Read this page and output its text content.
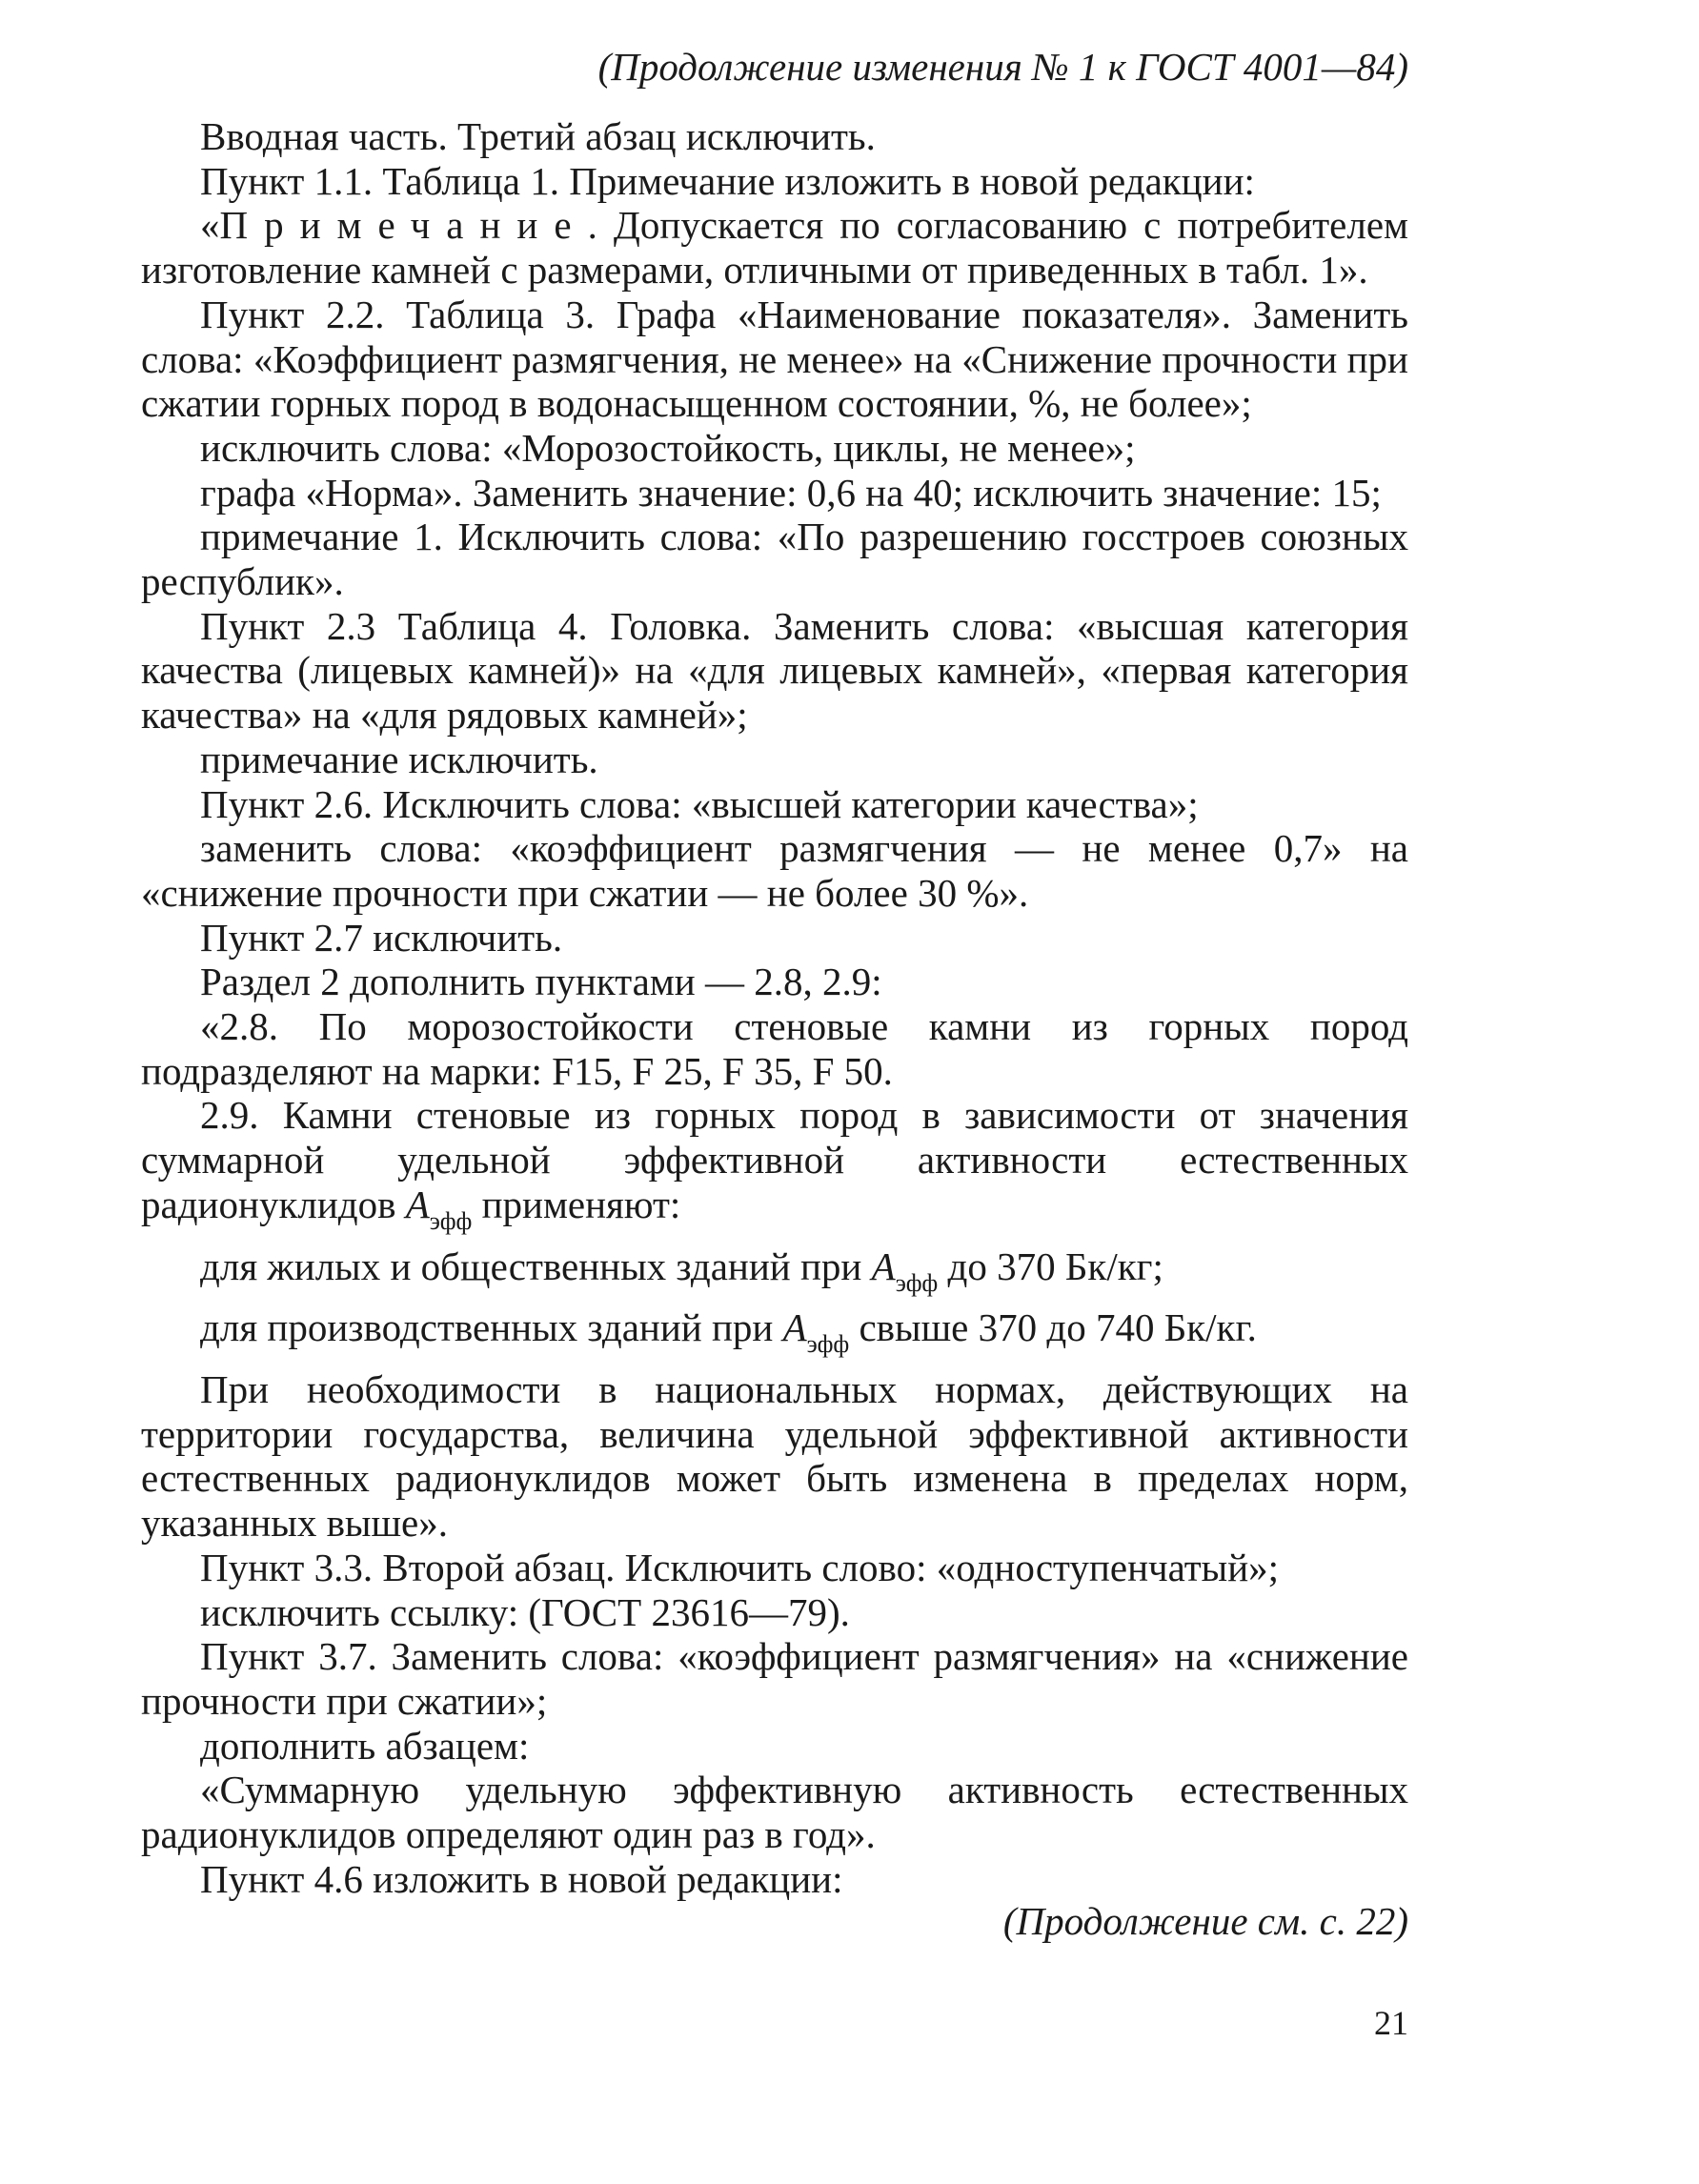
(Продолжение изменения № 1 к ГОСТ 4001—84)

Вводная часть. Третий абзац исключить.

Пункт 1.1. Таблица 1. Примечание изложить в новой редакции:

«Примечание. Допускается по согласованию с потребителем изготовление камней с размерами, отличными от приведенных в табл. 1».

Пункт 2.2. Таблица 3. Графа «Наименование показателя». Заменить слова: «Коэффициент размягчения, не менее» на «Снижение прочности при сжатии горных пород в водонасыщенном состоянии, %, не более»;

исключить слова: «Морозостойкость, циклы, не менее»;

графа «Норма». Заменить значение: 0,6 на 40; исключить значение: 15;

примечание 1. Исключить слова: «По разрешению госстроев союзных республик».

Пункт 2.3 Таблица 4. Головка. Заменить слова: «высшая категория качества (лицевых камней)» на «для лицевых камней», «первая категория качества» на «для рядовых камней»;

примечание исключить.

Пункт 2.6. Исключить слова: «высшей категории качества»;

заменить слова: «коэффициент размягчения — не менее 0,7» на «снижение прочности при сжатии — не более 30 %».

Пункт 2.7 исключить.

Раздел 2 дополнить пунктами — 2.8, 2.9:

«2.8. По морозостойкости стеновые камни из горных пород подразделяют на марки: F15, F 25, F 35, F 50.

2.9. Камни стеновые из горных пород в зависимости от значения суммарной удельной эффективной активности естественных радионуклидов $А_{эфф}$ применяют:

для жилых и общественных зданий при $А_{эфф}$ до 370 Бк/кг;

для производственных зданий при $А_{эфф}$ свыше 370 до 740 Бк/кг.

При необходимости в национальных нормах, действующих на территории государства, величина удельной эффективной активности естественных радионуклидов может быть изменена в пределах норм, указанных выше».

Пункт 3.3. Второй абзац. Исключить слово: «одноступенчатый»;

исключить ссылку: (ГОСТ 23616—79).

Пункт 3.7. Заменить слова: «коэффициент размягчения» на «снижение прочности при сжатии»;

дополнить абзацем:

«Суммарную удельную эффективную активность естественных радионуклидов определяют один раз в год».

Пункт 4.6 изложить в новой редакции:

(Продолжение см. с. 22)
21
